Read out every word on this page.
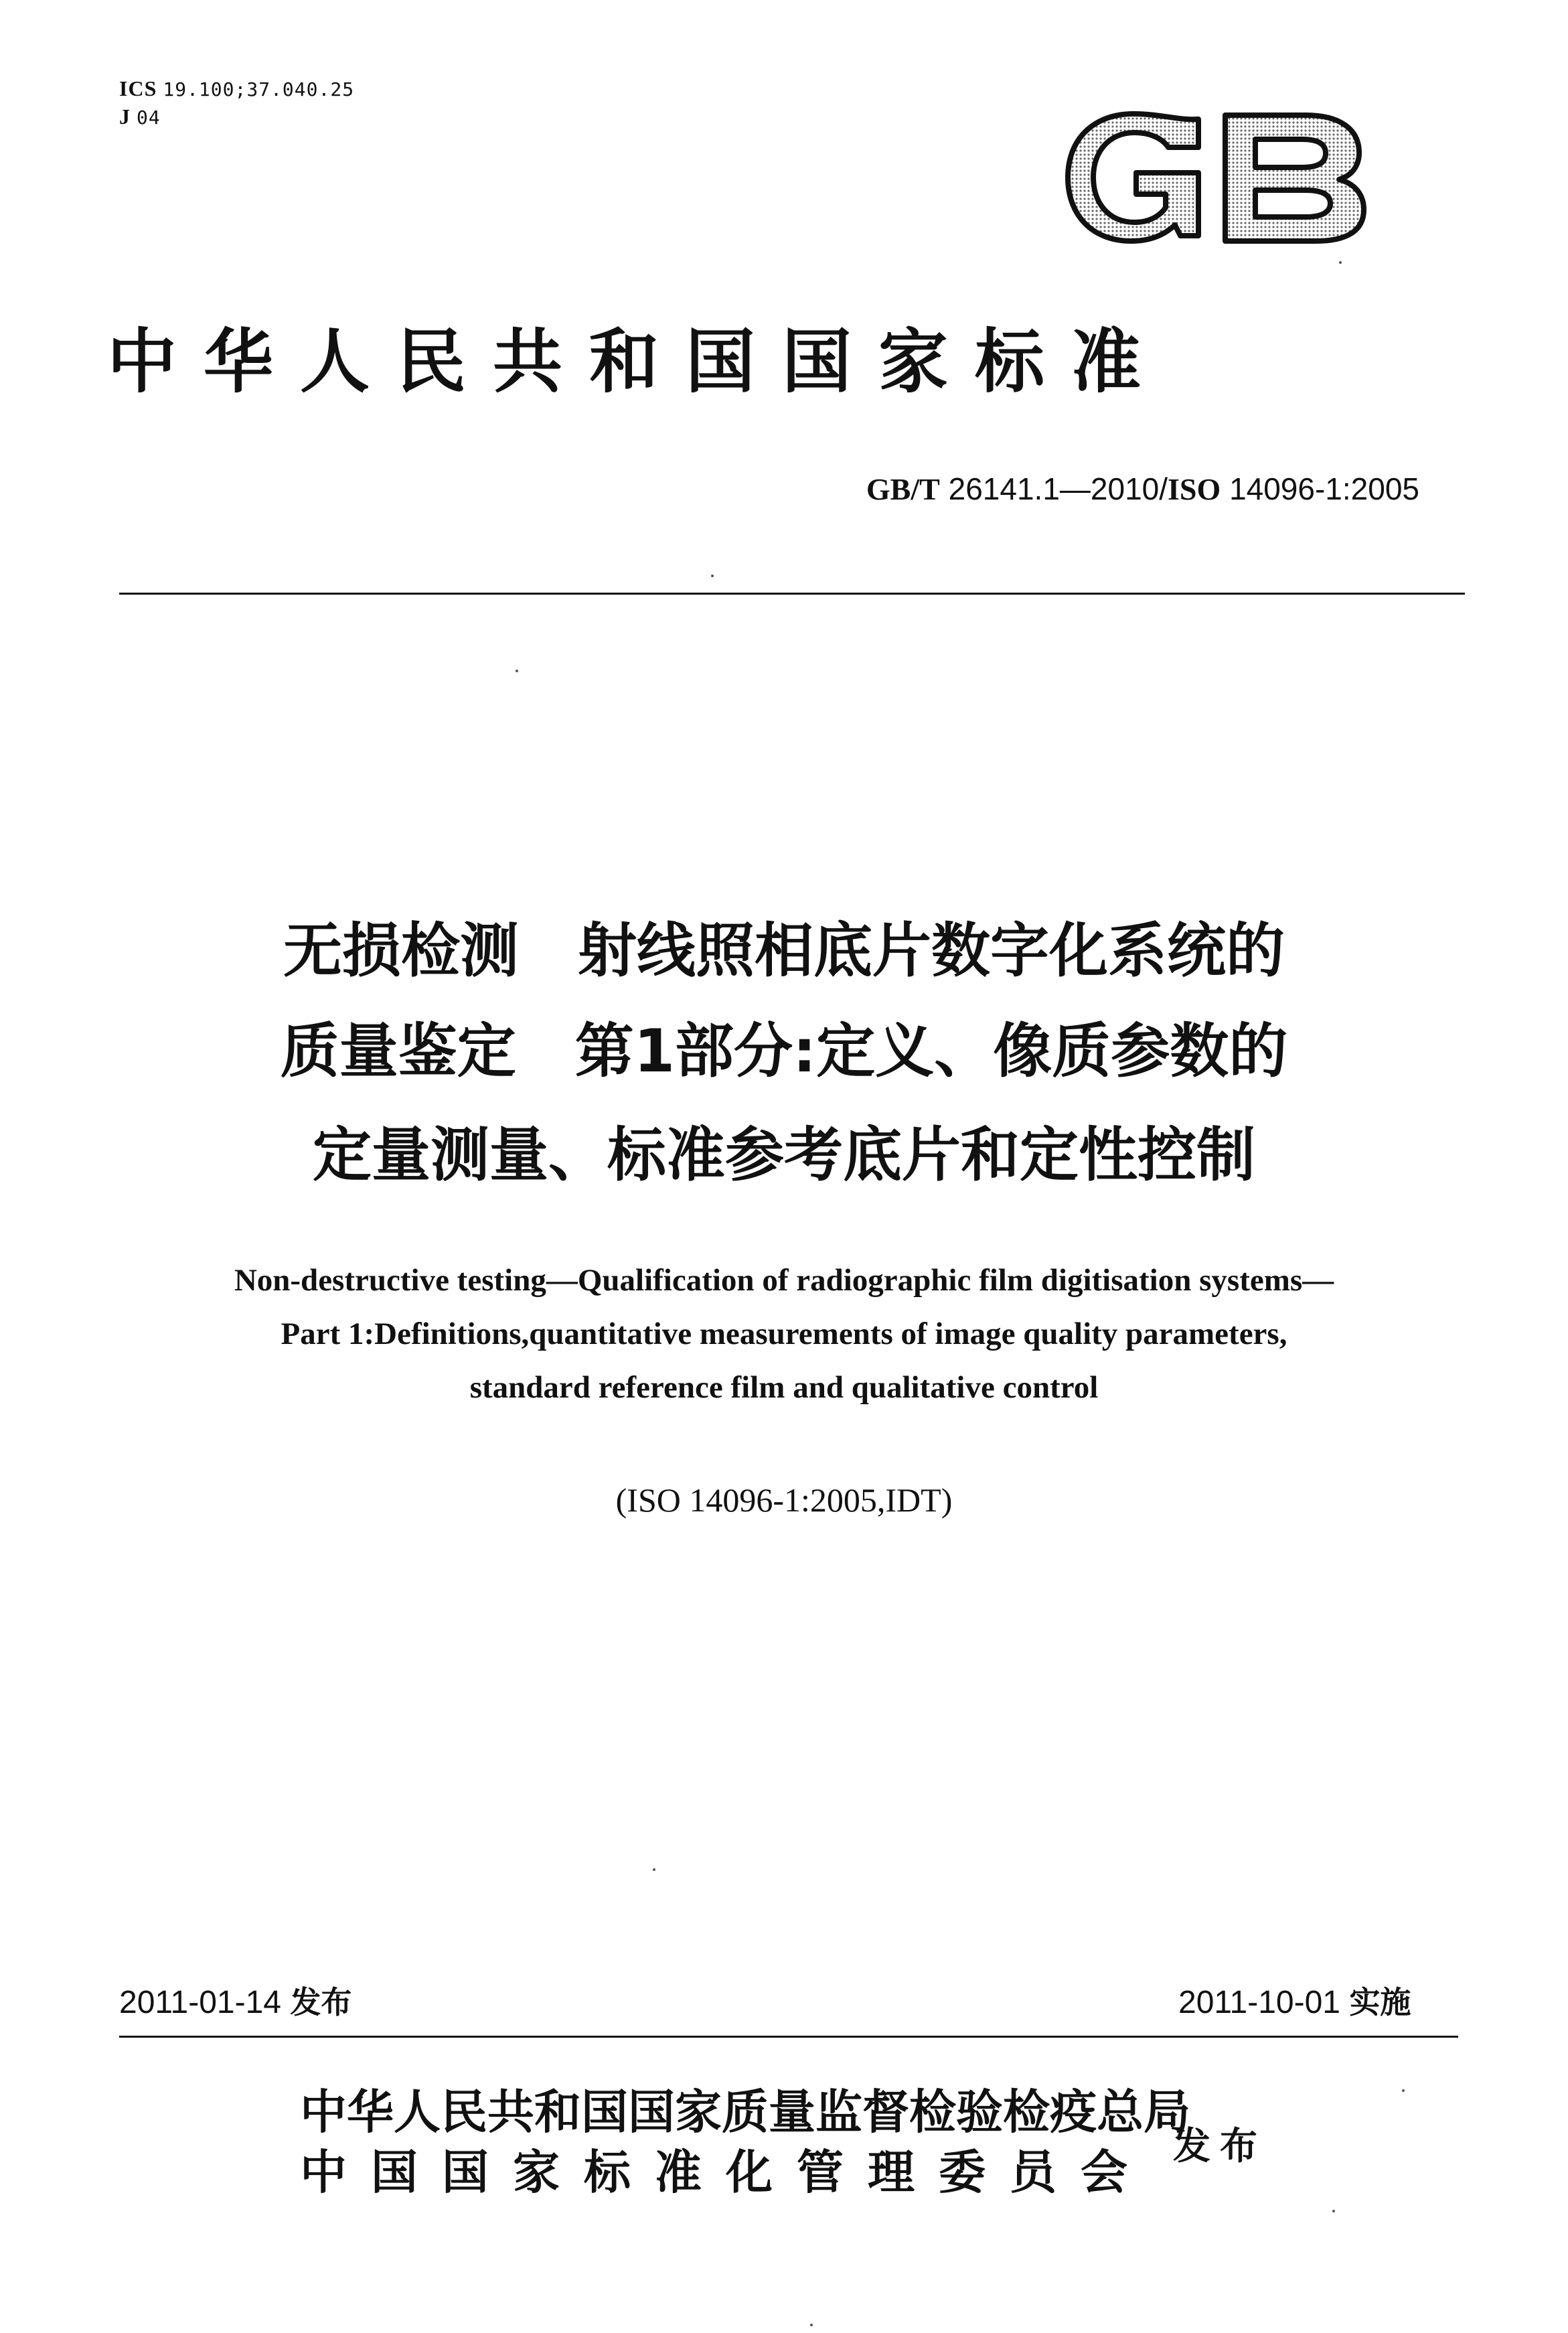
ICS 19.100;37.040.25
J 04
中华人民共和国国家标准
GB/T 26141.1—2010/ISO 14096-1:2005
无损检测　射线照相底片数字化系统的
质量鉴定　第1部分:定义、像质参数的
定量测量、标准参考底片和定性控制
Non-destructive testing—Qualification of radiographic film digitisation systems—
Part 1:Definitions,quantitative measurements of image quality parameters,
standard reference film and qualitative control
(ISO 14096-1:2005,IDT)
2011-01-14 发布	2011-10-01 实施
中华人民共和国国家质量监督检验检疫总局
中国国家标准化管理委员会 发布
